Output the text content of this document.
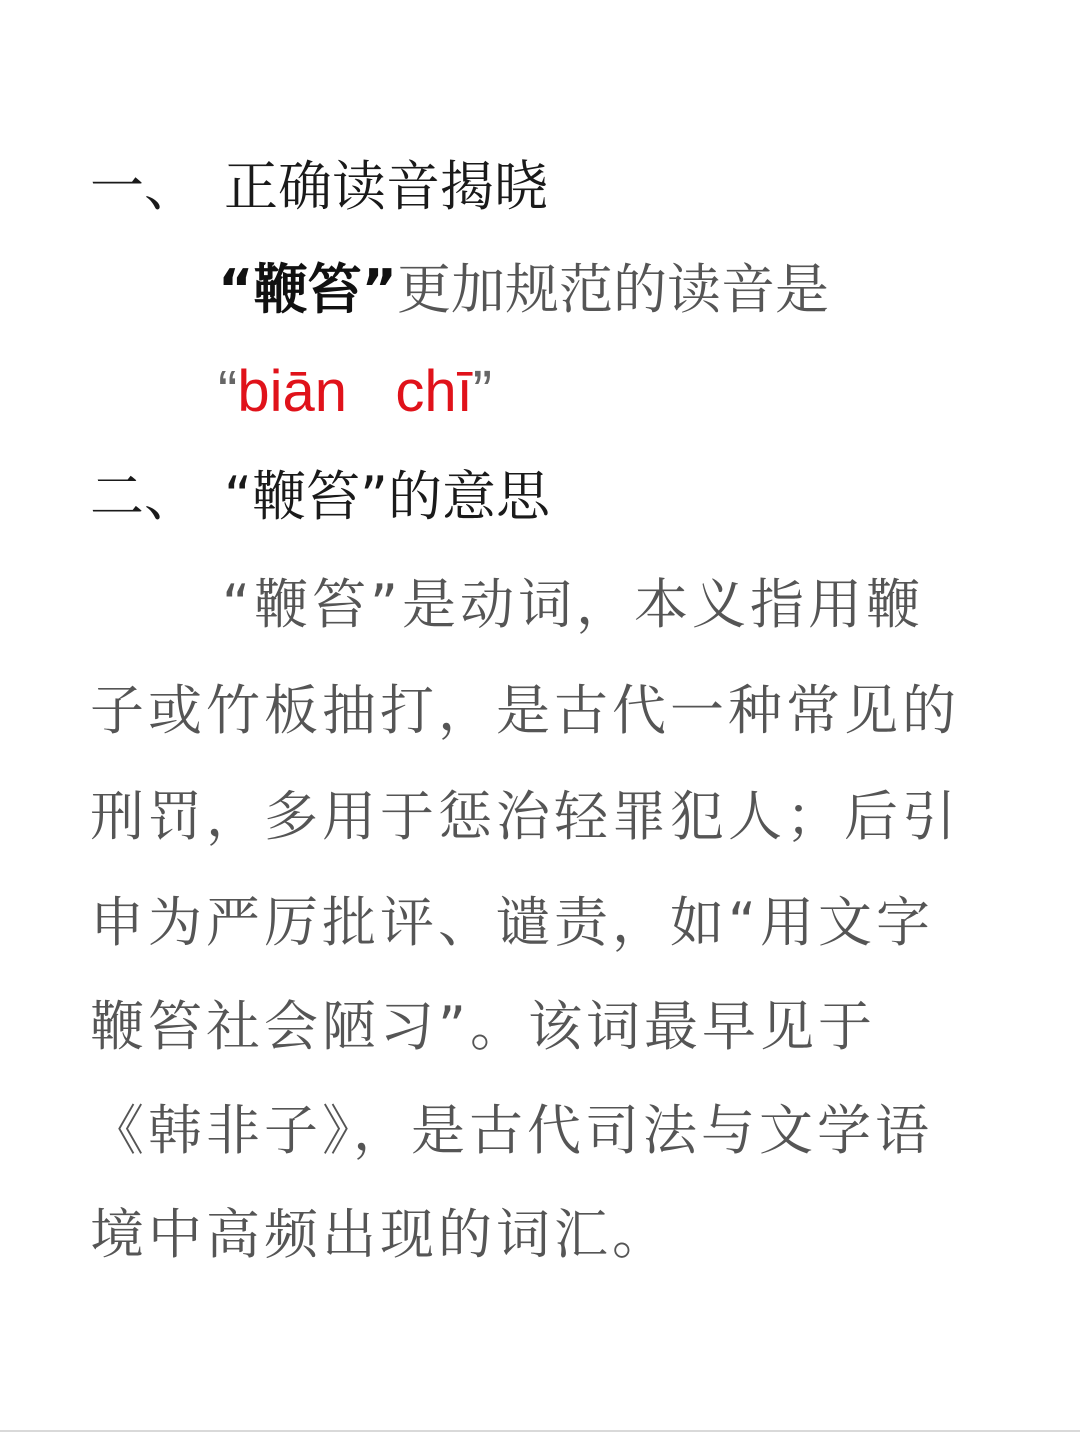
一、 正确读音揭晓
“鞭笞”更加规范的读音是
“biān   chī”
二、 “鞭笞”的意思
“鞭笞”是动词，本义指用鞭
子或竹板抽打，是古代一种常见的
刑罚，多用于惩治轻罪犯人；后引
申为严厉批评、谴责，如“用文字
鞭笞社会陋习”。该词最早见于
《韩非子》，是古代司法与文学语
境中高频出现的词汇。
